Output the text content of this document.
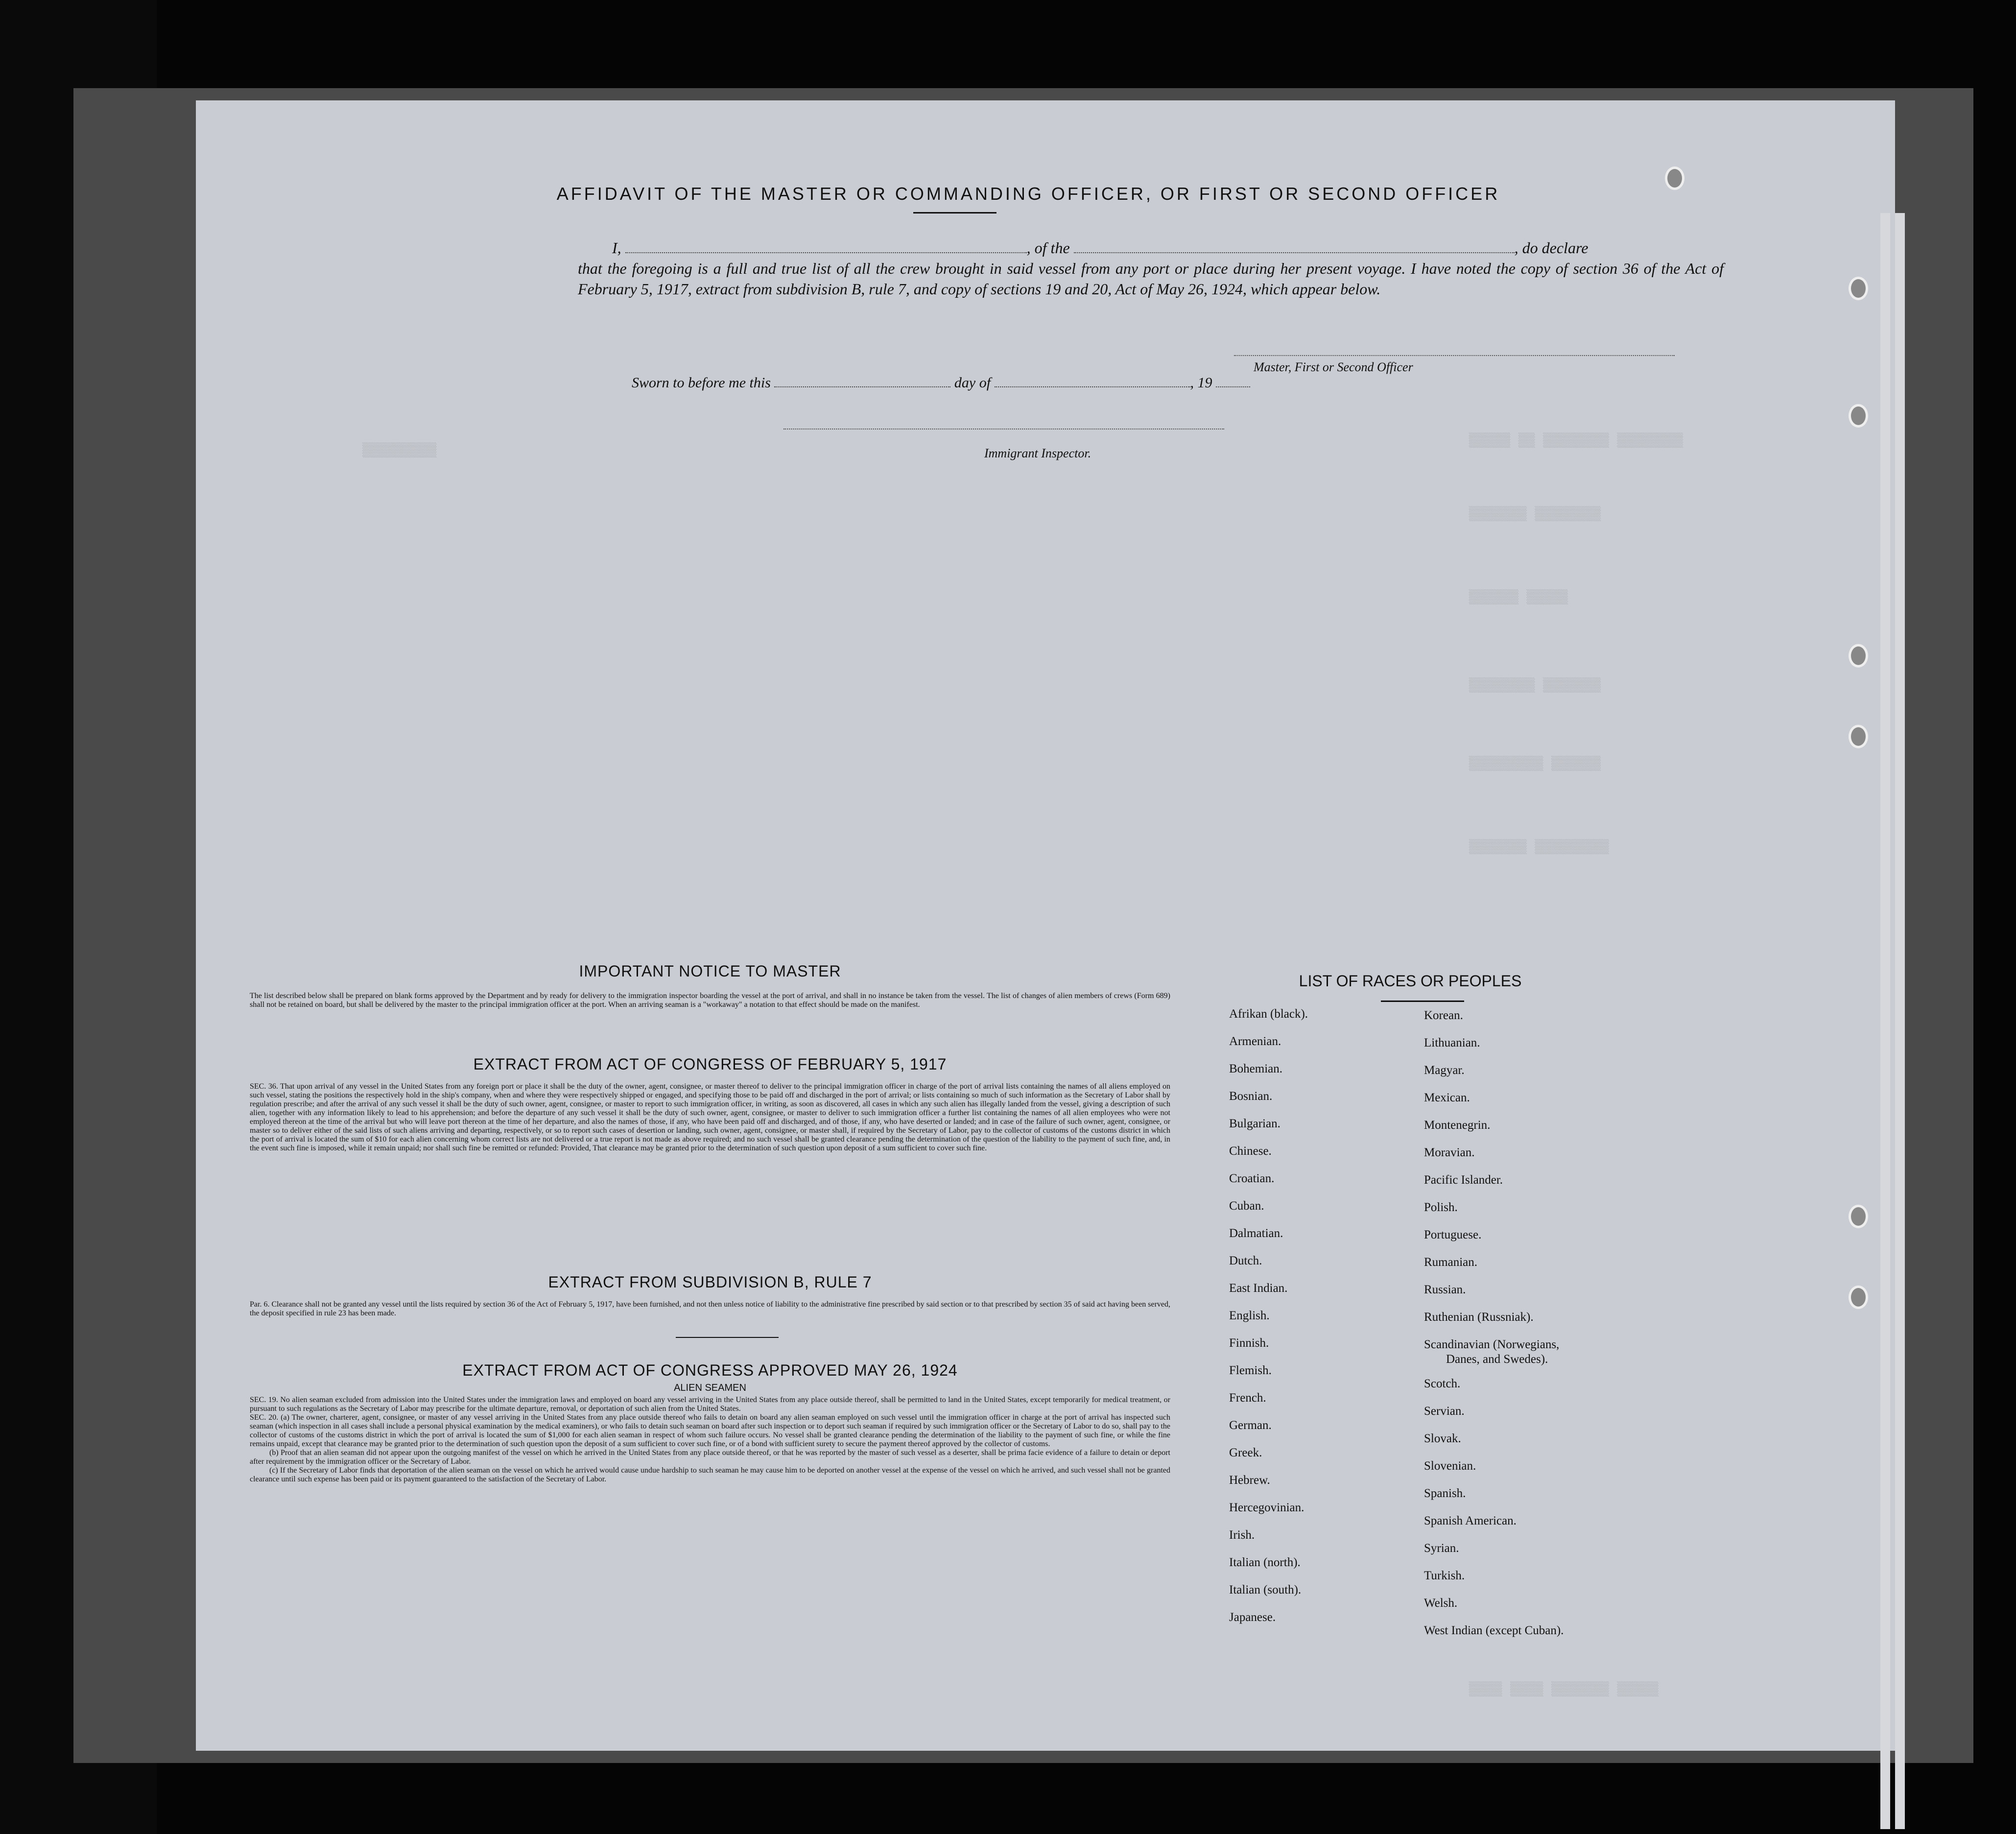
▒▒▒▒▒▒▒▒ ▒▒▒▒▒▒▒▒ ▒▒ ▒▒▒▒▒
▒▒▒▒▒▒▒▒ ▒▒▒▒▒▒▒
▒▒▒▒▒ ▒▒▒▒▒▒
▒▒▒▒▒▒▒ ▒▒▒▒▒▒▒▒
▒▒▒▒▒▒ ▒▒▒▒▒▒▒▒▒
▒▒▒▒▒▒▒▒▒ ▒▒▒▒▒▒▒
▒▒▒▒▒ ▒▒▒▒▒▒▒ ▒▒▒▒ ▒▒▒▒
▒▒▒▒▒▒▒▒▒
AFFIDAVIT OF THE MASTER OR COMMANDING OFFICER, OR FIRST OR SECOND OFFICER
I,	, of the	, do declare
that the foregoing is a full and true list of all the crew brought in said vessel from any port or place during her present voyage. I have noted the copy of section 36 of the Act of February 5, 1917, extract from subdivision B, rule 7, and copy of sections 19 and 20, Act of May 26, 1924, which appear below.
Master, First or Second Officer
Sworn to before me this	day of	, 19
Immigrant Inspector.
IMPORTANT NOTICE TO MASTER
The list described below shall be prepared on blank forms approved by the Department and by ready for delivery to the immigration inspector boarding the vessel at the port of arrival, and shall in no instance be taken from the vessel. The list of changes of alien members of crews (Form 689) shall not be retained on board, but shall be delivered by the master to the principal immigration officer at the port. When an arriving seaman is a "workaway" a notation to that effect should be made on the manifest.
EXTRACT FROM ACT OF CONGRESS OF FEBRUARY 5, 1917
SEC. 36. That upon arrival of any vessel in the United States from any foreign port or place it shall be the duty of the owner, agent, consignee, or master thereof to deliver to the principal immigration officer in charge of the port of arrival lists containing the names of all aliens employed on such vessel, stating the positions the respectively hold in the ship's company, when and where they were respectively shipped or engaged, and specifying those to be paid off and discharged in the port of arrival; or lists containing so much of such information as the Secretary of Labor shall by regulation prescribe; and after the arrival of any such vessel it shall be the duty of such owner, agent, consignee, or master to report to such immigration officer, in writing, as soon as discovered, all cases in which any such alien has illegally landed from the vessel, giving a description of such alien, together with any information likely to lead to his apprehension; and before the departure of any such vessel it shall be the duty of such owner, agent, consignee, or master to deliver to such immigration officer a further list containing the names of all alien employees who were not employed thereon at the time of the arrival but who will leave port thereon at the time of her departure, and also the names of those, if any, who have been paid off and discharged, and of those, if any, who have deserted or landed; and in case of the failure of such owner, agent, consignee, or master so to deliver either of the said lists of such aliens arriving and departing, respectively, or so to report such cases of desertion or landing, such owner, agent, consignee, or master shall, if required by the Secretary of Labor, pay to the collector of customs of the customs district in which the port of arrival is located the sum of $10 for each alien concerning whom correct lists are not delivered or a true report is not made as above required; and no such vessel shall be granted clearance pending the determination of the question of the liability to the payment of such fine, and, in the event such fine is imposed, while it remain unpaid; nor shall such fine be remitted or refunded: Provided, That clearance may be granted prior to the determination of such question upon deposit of a sum sufficient to cover such fine.
EXTRACT FROM SUBDIVISION B, RULE 7
Par. 6. Clearance shall not be granted any vessel until the lists required by section 36 of the Act of February 5, 1917, have been furnished, and not then unless notice of liability to the administrative fine prescribed by said section or to that prescribed by section 35 of said act having been served, the deposit specified in rule 23 has been made.
EXTRACT FROM ACT OF CONGRESS APPROVED MAY 26, 1924
ALIEN SEAMEN
SEC. 19. No alien seaman excluded from admission into the United States under the immigration laws and employed on board any vessel arriving in the United States from any place outside thereof, shall be permitted to land in the United States, except temporarily for medical treatment, or pursuant to such regulations as the Secretary of Labor may prescribe for the ultimate departure, removal, or deportation of such alien from the United States.
SEC. 20. (a) The owner, charterer, agent, consignee, or master of any vessel arriving in the United States from any place outside thereof who fails to detain on board any alien seaman employed on such vessel until the immigration officer in charge at the port of arrival has inspected such seaman (which inspection in all cases shall include a personal physical examination by the medical examiners), or who fails to detain such seaman on board after such inspection or to deport such seaman if required by such immigration officer or the Secretary of Labor to do so, shall pay to the collector of customs of the customs district in which the port of arrival is located the sum of $1,000 for each alien seaman in respect of whom such failure occurs. No vessel shall be granted clearance pending the determination of the liability to the payment of such fine, or while the fine remains unpaid, except that clearance may be granted prior to the determination of such question upon the deposit of a sum sufficient to cover such fine, or of a bond with sufficient surety to secure the payment thereof approved by the collector of customs.
(b) Proof that an alien seaman did not appear upon the outgoing manifest of the vessel on which he arrived in the United States from any place outside thereof, or that he was reported by the master of such vessel as a deserter, shall be prima facie evidence of a failure to detain or deport after requirement by the immigration officer or the Secretary of Labor.
(c) If the Secretary of Labor finds that deportation of the alien seaman on the vessel on which he arrived would cause undue hardship to such seaman he may cause him to be deported on another vessel at the expense of the vessel on which he arrived, and such vessel shall not be granted clearance until such expense has been paid or its payment guaranteed to the satisfaction of the Secretary of Labor.
LIST OF RACES OR PEOPLES
Afrikan (black).
Armenian.
Bohemian.
Bosnian.
Bulgarian.
Chinese.
Croatian.
Cuban.
Dalmatian.
Dutch.
East Indian.
English.
Finnish.
Flemish.
French.
German.
Greek.
Hebrew.
Hercegovinian.
Irish.
Italian (north).
Italian (south).
Japanese.
Korean.
Lithuanian.
Magyar.
Mexican.
Montenegrin.
Moravian.
Pacific Islander.
Polish.
Portuguese.
Rumanian.
Russian.
Ruthenian (Russniak).
Scandinavian (Norwegians,
Danes, and Swedes).
Scotch.
Servian.
Slovak.
Slovenian.
Spanish.
Spanish American.
Syrian.
Turkish.
Welsh.
West Indian (except Cuban).
